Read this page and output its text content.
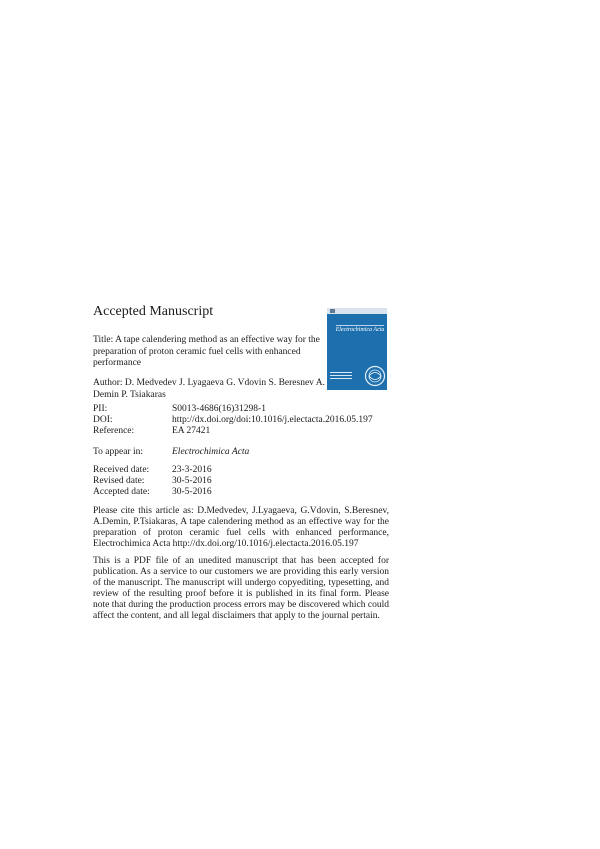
Accepted Manuscript
Title: A tape calendering method as an effective way for the preparation of proton ceramic fuel cells with enhanced performance
Author: D. Medvedev J. Lyagaeva G. Vdovin S. Beresnev A. Demin P. Tsiakaras
Electrochimica Acta
PII:	S0013-4686(16)31298-1
DOI:	http://dx.doi.org/doi:10.1016/j.electacta.2016.05.197
Reference:	EA 27421
To appear in:	Electrochimica Acta
Received date: 23-3-2016
Revised date:	30-5-2016
Accepted date: 30-5-2016
Please cite this article as: D.Medvedev, J.Lyagaeva, G.Vdovin, S.Beresnev, A.Demin, P.Tsiakaras, A tape calendering method as an effective way for the preparation of proton ceramic fuel cells with enhanced performance, Electrochimica Acta http://dx.doi.org/10.1016/j.electacta.2016.05.197
This is a PDF file of an unedited manuscript that has been accepted for publication. As a service to our customers we are providing this early version of the manuscript. The manuscript will undergo copyediting, typesetting, and review of the resulting proof before it is published in its final form. Please note that during the production process errors may be discovered which could affect the content, and all legal disclaimers that apply to the journal pertain.
